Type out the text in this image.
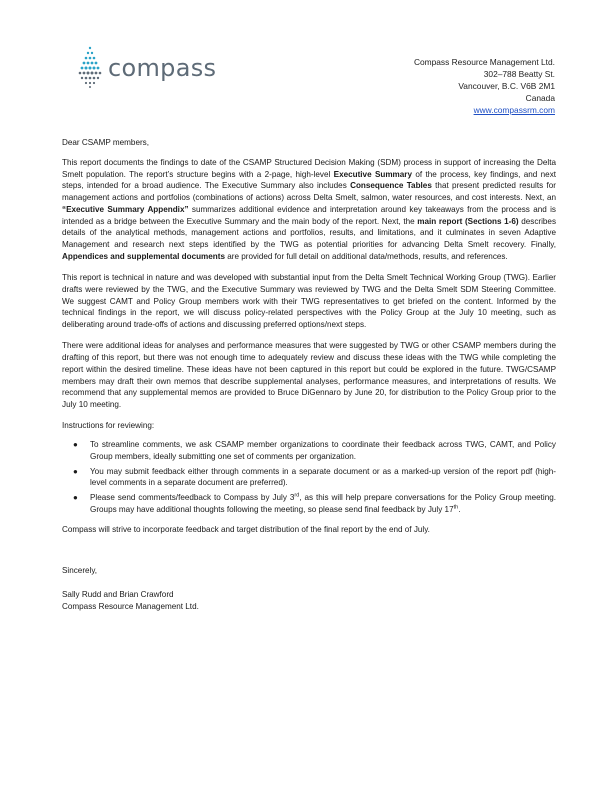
compass	Compass Resource Management Ltd.
302–788 Beatty St.
Vancouver, B.C. V6B 2M1
Canada
www.compassrm.com
Dear CSAMP members,

This report documents the findings to date of the CSAMP Structured Decision Making (SDM) process in support of increasing the Delta Smelt population. The report’s structure begins with a 2-page, high-level Executive Summary of the process, key findings, and next steps, intended for a broad audience. The Executive Summary also includes Consequence Tables that present predicted results for management actions and portfolios (combinations of actions) across Delta Smelt, salmon, water resources, and cost interests. Next, an “Executive Summary Appendix” summarizes additional evidence and interpretation around key takeaways from the process and is intended as a bridge between the Executive Summary and the main body of the report. Next, the main report (Sections 1-6) describes details of the analytical methods, management actions and portfolios, results, and limitations, and it culminates in seven Adaptive Management and research next steps identified by the TWG as potential priorities for advancing Delta Smelt recovery. Finally, Appendices and supplemental documents are provided for full detail on additional data/methods, results, and references.

This report is technical in nature and was developed with substantial input from the Delta Smelt Technical Working Group (TWG). Earlier drafts were reviewed by the TWG, and the Executive Summary was reviewed by TWG and the Delta Smelt SDM Steering Committee. We suggest CAMT and Policy Group members work with their TWG representatives to get briefed on the content. Informed by the technical findings in the report, we will discuss policy-related perspectives with the Policy Group at the July 10 meeting, such as deliberating around trade-offs of actions and discussing preferred options/next steps.

There were additional ideas for analyses and performance measures that were suggested by TWG or other CSAMP members during the drafting of this report, but there was not enough time to adequately review and discuss these ideas with the TWG while completing the report within the desired timeline. These ideas have not been captured in this report but could be explored in the future. TWG/CSAMP members may draft their own memos that describe supplemental analyses, performance measures, and interpretations of results. We recommend that any supplemental memos are provided to Bruce DiGennaro by June 20, for distribution to the Policy Group prior to the July 10 meeting.

Instructions for reviewing:
● To streamline comments, we ask CSAMP member organizations to coordinate their feedback across TWG, CAMT, and Policy Group members, ideally submitting one set of comments per organization.
● You may submit feedback either through comments in a separate document or as a marked-up version of the report pdf (high-level comments in a separate document are preferred).
● Please send comments/feedback to Compass by July 3rd, as this will help prepare conversations for the Policy Group meeting. Groups may have additional thoughts following the meeting, so please send final feedback by July 17th.

Compass will strive to incorporate feedback and target distribution of the final report by the end of July.

Sincerely,
Sally Rudd and Brian Crawford
Compass Resource Management Ltd.
